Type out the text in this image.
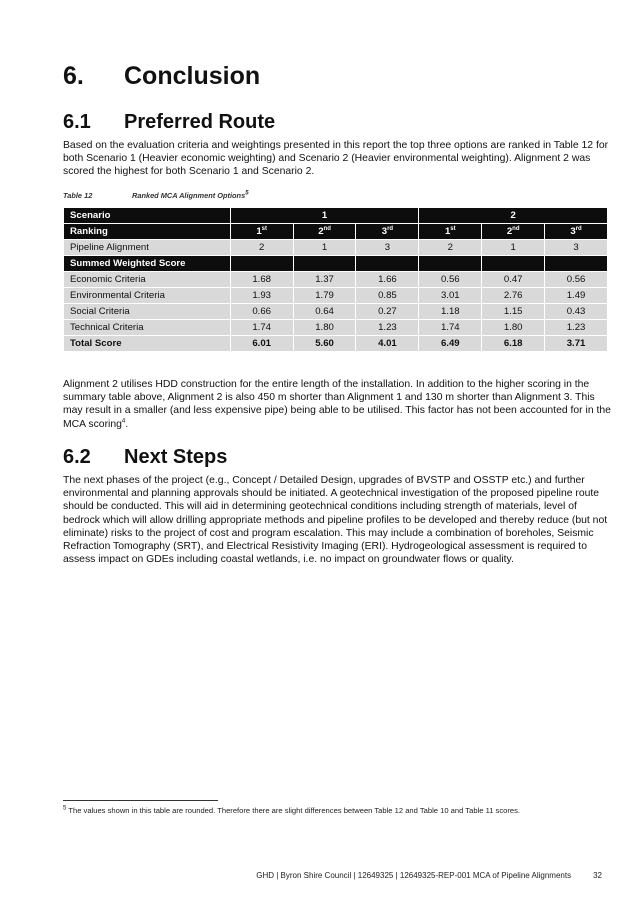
6. Conclusion
6.1 Preferred Route

Based on the evaluation criteria and weightings presented in this report the top three options are ranked in Table 12 for both Scenario 1 (Heavier economic weighting) and Scenario 2 (Heavier environmental weighting). Alignment 2 was scored the highest for both Scenario 1 and Scenario 2.

Table 12	Ranked MCA Alignment Options$^5$
Scenario	1			2		
Ranking	1st	2nd	3rd	1st	2nd	3rd
Pipeline Alignment	2	1	3	2	1	3
Summed Weighted Score						
Economic Criteria	1.68	1.37	1.66	0.56	0.47	0.56
Environmental Criteria	1.93	1.79	0.85	3.01	2.76	1.49
Social Criteria	0.66	0.64	0.27	1.18	1.15	0.43
Technical Criteria	1.74	1.80	1.23	1.74	1.80	1.23
Total Score	6.01	5.60	4.01	6.49	6.18	3.71

Alignment 2 utilises HDD construction for the entire length of the installation. In addition to the higher scoring in the summary table above, Alignment 2 is also 450 m shorter than Alignment 1 and 130 m shorter than Alignment 3. This may result in a smaller (and less expensive pipe) being able to be utilised. This factor has not been accounted for in the MCA scoring$^4$.

6.2 Next Steps

The next phases of the project (e.g., Concept / Detailed Design, upgrades of BVSTP and OSSTP etc.) and further environmental and planning approvals should be initiated. A geotechnical investigation of the proposed pipeline route should be conducted. This will aid in determining geotechnical conditions including strength of materials, level of bedrock which will allow drilling appropriate methods and pipeline profiles to be developed and thereby reduce (but not eliminate) risks to the project of cost and program escalation. This may include a combination of boreholes, Seismic Refraction Tomography (SRT), and Electrical Resistivity Imaging (ERI). Hydrogeological assessment is required to assess impact on GDEs including coastal wetlands, i.e. no impact on groundwater flows or quality.

$^5$ The values shown in this table are rounded. Therefore there are slight differences between Table 12 and Table 10 and Table 11 scores.
GHD | Byron Shire Council | 12649325 | 12649325-REP-001 MCA of Pipeline Alignments	32
